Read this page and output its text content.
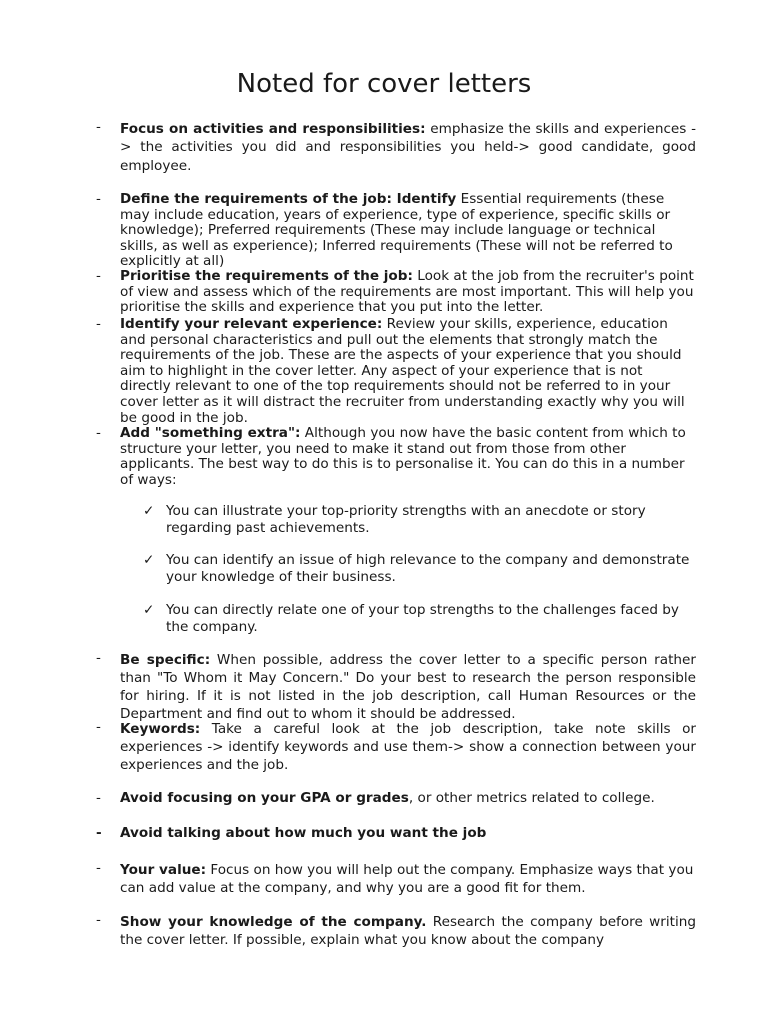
Noted for cover letters
-	Focus on activities and responsibilities: emphasize the skills and experiences -> the activities you did and responsibilities you held-> good candidate, good employee.
-	Define the requirements of the job: Identify Essential requirements (these may include education, years of experience, type of experience, specific skills or knowledge); Preferred requirements (These may include language or technical skills, as well as experience); Inferred requirements (These will not be referred to explicitly at all)
-	Prioritise the requirements of the job: Look at the job from the recruiter's point of view and assess which of the requirements are most important. This will help you prioritise the skills and experience that you put into the letter.
-	Identify your relevant experience: Review your skills, experience, education and personal characteristics and pull out the elements that strongly match the requirements of the job. These are the aspects of your experience that you should aim to highlight in the cover letter. Any aspect of your experience that is not directly relevant to one of the top requirements should not be referred to in your cover letter as it will distract the recruiter from understanding exactly why you will be good in the job.
-	Add "something extra": Although you now have the basic content from which to structure your letter, you need to make it stand out from those from other applicants. The best way to do this is to personalise it. You can do this in a number of ways:
✓ You can illustrate your top-priority strengths with an anecdote or story regarding past achievements.
✓ You can identify an issue of high relevance to the company and demonstrate your knowledge of their business.
✓ You can directly relate one of your top strengths to the challenges faced by the company.
-	Be specific: When possible, address the cover letter to a specific person rather than "To Whom it May Concern." Do your best to research the person responsible for hiring. If it is not listed in the job description, call Human Resources or the Department and find out to whom it should be addressed.
-	Keywords: Take a careful look at the job description, take note skills or experiences -> identify keywords and use them-> show a connection between your experiences and the job.
-	Avoid focusing on your GPA or grades, or other metrics related to college.
-	Avoid talking about how much you want the job
-	Your value: Focus on how you will help out the company. Emphasize ways that you can add value at the company, and why you are a good fit for them.
-	Show your knowledge of the company. Research the company before writing the cover letter. If possible, explain what you know about the company
